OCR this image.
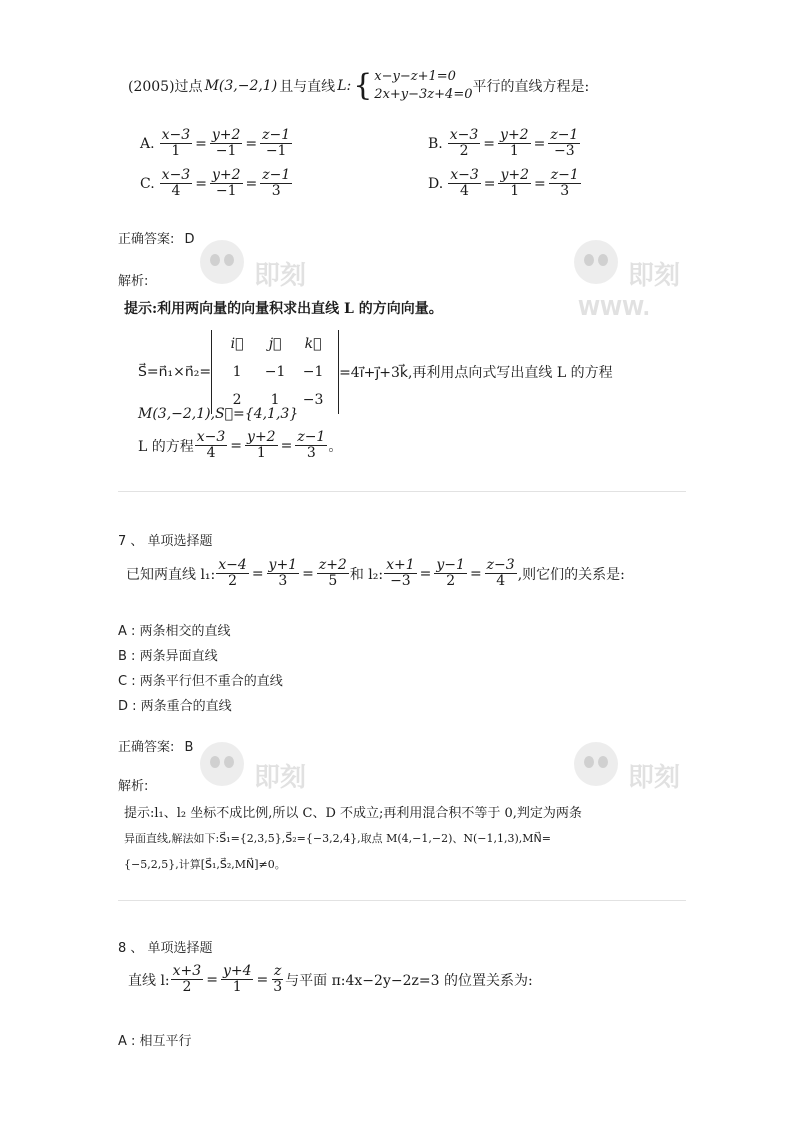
即刻	即刻
WWW.
即刻	即刻
(2005)过点 M(3,−2,1) 且与直线 L: { x−y−z+1=0
2x+y−3z+4=0 平行的直线方程是:
A. $\frac{x-3}{1} = \frac{y+2}{-1} = \frac{z-1}{-1}$	B. $\frac{x-3}{2} = \frac{y+2}{1} = \frac{z-1}{-3}$
C. $\frac{x-3}{4} = \frac{y+2}{-1} = \frac{z-1}{3}$	D. $\frac{x-3}{4} = \frac{y+2}{1} = \frac{z-1}{3}$
正确答案: D
解析:
提示:利用两向量的向量积求出直线 L 的方向向量。
S⃗=n⃗₁×n⃗₂=
i⃗	j⃗	k⃗
1	−1	−1
2	1	−3
=4i⃗+j⃗+3k⃗,再利用点向式写出直线 L 的方程
M(3,−2,1),S⃗={4,1,3}
L 的方程 $\frac{x-3}{4} = \frac{y+2}{1} = \frac{z-1}{3}$ 。
7 、 单项选择题
已知两直线 l₁: $\frac{x-4}{2} = \frac{y+1}{3} = \frac{z+2}{5}$ 和 l₂: $\frac{x+1}{-3} = \frac{y-1}{2} = \frac{z-3}{4}$ ,则它们的关系是:
A : 两条相交的直线
B : 两条异面直线
C : 两条平行但不重合的直线
D : 两条重合的直线
正确答案: B
解析:
提示:l₁、l₂ 坐标不成比例,所以 C、D 不成立;再利用混合积不等于 0,判定为两条
异面直线,解法如下:S⃗₁={2,3,5},S⃗₂={−3,2,4},取点 M(4,−1,−2)、N(−1,1,3),MN⃗=
{−5,2,5},计算[S⃗₁,S⃗₂,MN⃗]≠0。
8 、 单项选择题
直线 l: $\frac{x+3}{2} = \frac{y+4}{1} = \frac{z}{3}$ 与平面 π:4x−2y−2z=3 的位置关系为:
A : 相互平行
